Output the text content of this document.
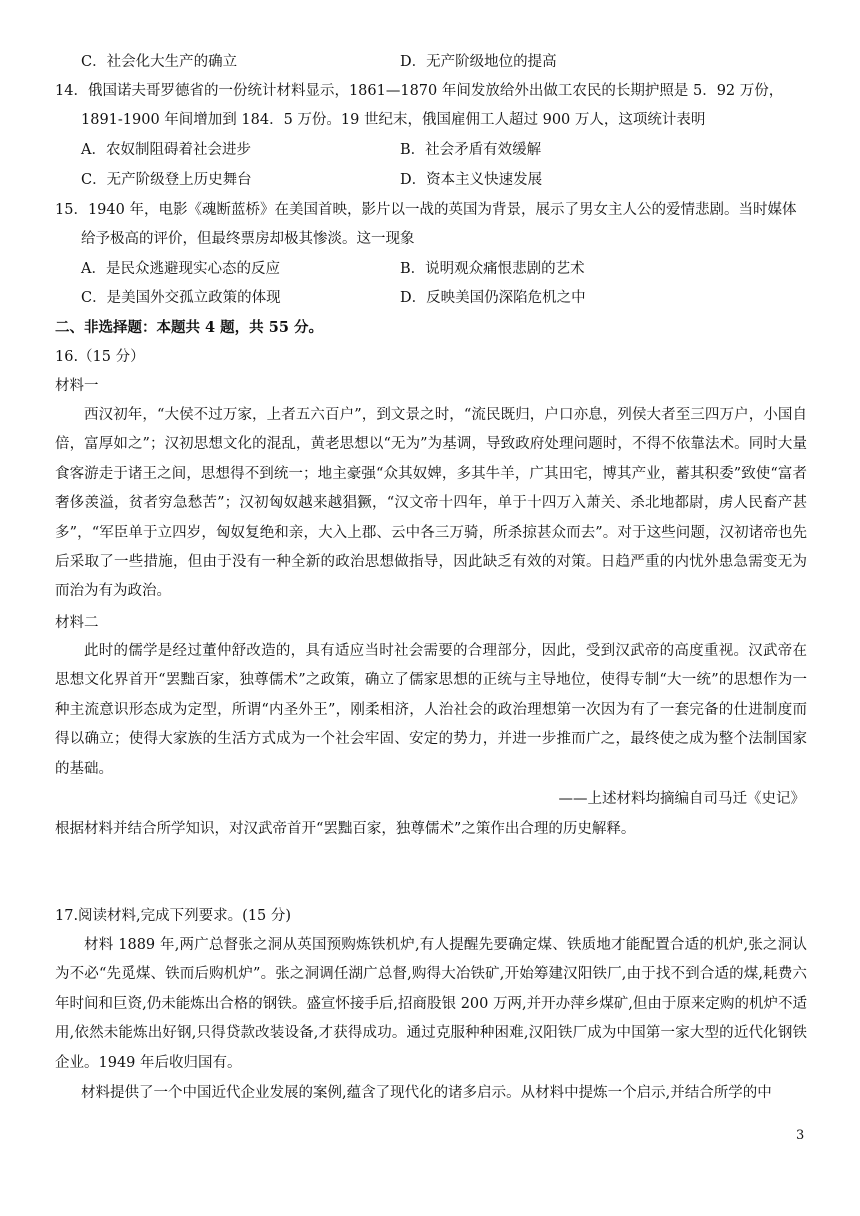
C．社会化大生产的确立	D．无产阶级地位的提高
14．俄国诺夫哥罗德省的一份统计材料显示，1861—1870 年间发放给外出做工农民的长期护照是 5．92 万份，
1891-1900 年间增加到 184．5 万份。19 世纪末，俄国雇佣工人超过 900 万人，这项统计表明
A．农奴制阻碍着社会进步	B．社会矛盾有效缓解
C．无产阶级登上历史舞台	D．资本主义快速发展
15．1940 年，电影《魂断蓝桥》在美国首映，影片以一战的英国为背景，展示了男女主人公的爱情悲剧。当时媒体
给予极高的评价，但最终票房却极其惨淡。这一现象
A．是民众逃避现实心态的反应	B．说明观众痛恨悲剧的艺术
C．是美国外交孤立政策的体现	D．反映美国仍深陷危机之中
二、非选择题：本题共 4 题，共 55 分。
16.（15 分）
材料一

西汉初年，“大侯不过万家，上者五六百户”，到文景之时，“流民既归，户口亦息，列侯大者至三四万户，小国自倍，富厚如之”；汉初思想文化的混乱，黄老思想以“无为”为基调，导致政府处理问题时，不得不依靠法术。同时大量食客游走于诸王之间，思想得不到统一；地主豪强“众其奴婢，多其牛羊，广其田宅，博其产业，蓄其积委”致使“富者奢侈羡溢，贫者穷急愁苦”；汉初匈奴越来越猖獗，“汉文帝十四年，单于十四万入萧关、杀北地都尉，虏人民畜产甚多”，“军臣单于立四岁，匈奴复绝和亲，大入上郡、云中各三万骑，所杀掠甚众而去”。对于这些问题，汉初诸帝也先后采取了一些措施，但由于没有一种全新的政治思想做指导，因此缺乏有效的对策。日趋严重的内忧外患急需变无为而治为有为政治。

材料二

此时的儒学是经过董仲舒改造的，具有适应当时社会需要的合理部分，因此，受到汉武帝的高度重视。汉武帝在思想文化界首开“罢黜百家，独尊儒术”之政策，确立了儒家思想的正统与主导地位，使得专制“大一统”的思想作为一种主流意识形态成为定型，所谓“内圣外王”，刚柔相济，人治社会的政治理想第一次因为有了一套完备的仕进制度而得以确立；使得大家族的生活方式成为一个社会牢固、安定的势力，并进一步推而广之，最终使之成为整个法制国家的基础。

——上述材料均摘编自司马迁《史记》
根据材料并结合所学知识，对汉武帝首开“罢黜百家，独尊儒术”之策作出合理的历史解释。
17.阅读材料,完成下列要求。(15 分)

材料 1889 年,两广总督张之洞从英国预购炼铁机炉,有人提醒先要确定煤、铁质地才能配置合适的机炉,张之洞认为不必“先觅煤、铁而后购机炉”。张之洞调任湖广总督,购得大冶铁矿,开始筹建汉阳铁厂,由于找不到合适的煤,耗费六年时间和巨资,仍未能炼出合格的钢铁。盛宣怀接手后,招商股银 200 万两,并开办萍乡煤矿,但由于原来定购的机炉不适用,依然未能炼出好钢,只得贷款改装设备,才获得成功。通过克服种种困难,汉阳铁厂成为中国第一家大型的近代化钢铁企业。1949 年后收归国有。

材料提供了一个中国近代企业发展的案例,蕴含了现代化的诸多启示。从材料中提炼一个启示,并结合所学的中
3
